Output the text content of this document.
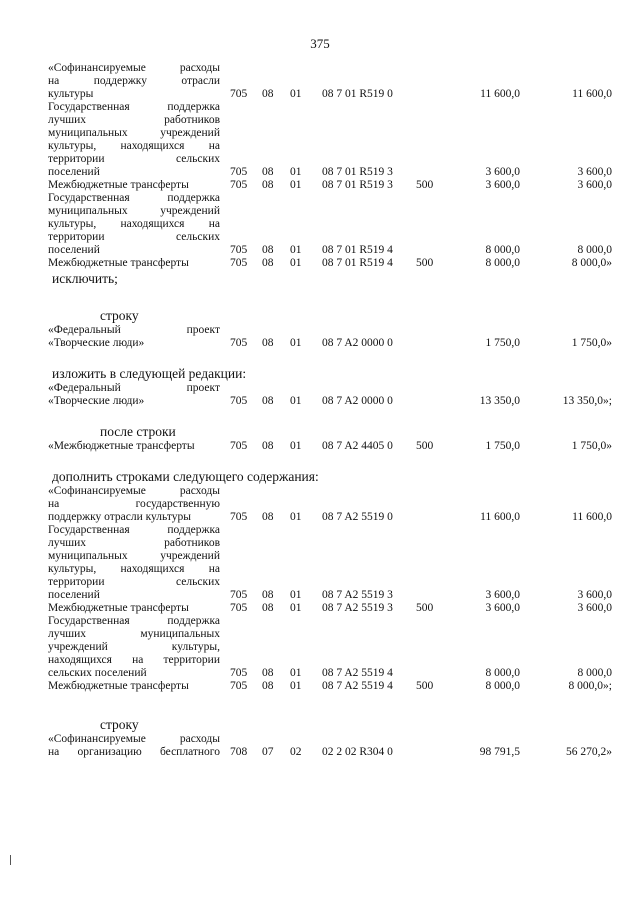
375
«Софинансируемые расходы
на поддержку отрасли
культуры	705 08 01 08 7 01 R519 0	11 600,0	11 600,0
Государственная поддержка
лучших работников
муниципальных учреждений
культуры, находящихся на
территории сельских
поселений	705 08 01 08 7 01 R519 3	3 600,0	3 600,0
Межбюджетные трансферты	705 08 01 08 7 01 R519 3 500	3 600,0	3 600,0
Государственная поддержка
муниципальных учреждений
культуры, находящихся на
территории сельских
поселений	705 08 01 08 7 01 R519 4	8 000,0	8 000,0
Межбюджетные трансферты	705 08 01 08 7 01 R519 4 500	8 000,0	8 000,0»
исключить;
строку
«Федеральный проект
«Творческие люди»	705 08 01 08 7 A2 0000 0	1 750,0	1 750,0»
изложить в следующей редакции:
«Федеральный проект
«Творческие люди»	705 08 01 08 7 A2 0000 0	13 350,0	13 350,0»;
после строки
«Межбюджетные трансферты	705 08 01 08 7 A2 4405 0 500	1 750,0	1 750,0»
дополнить строками следующего содержания:
«Софинансируемые расходы
на государственную
поддержку отрасли культуры	705 08 01 08 7 A2 5519 0	11 600,0	11 600,0
Государственная поддержка
лучших работников
муниципальных учреждений
культуры, находящихся на
территории сельских
поселений	705 08 01 08 7 A2 5519 3	3 600,0	3 600,0
Межбюджетные трансферты	705 08 01 08 7 A2 5519 3 500	3 600,0	3 600,0
Государственная поддержка
лучших муниципальных
учреждений культуры,
находящихся на территории
сельских поселений	705 08 01 08 7 A2 5519 4	8 000,0	8 000,0
Межбюджетные трансферты	705 08 01 08 7 A2 5519 4 500	8 000,0	8 000,0»;
строку
«Софинансируемые расходы
на организацию бесплатного 708 07 02 02 2 02 R304 0	98 791,5	56 270,2»
